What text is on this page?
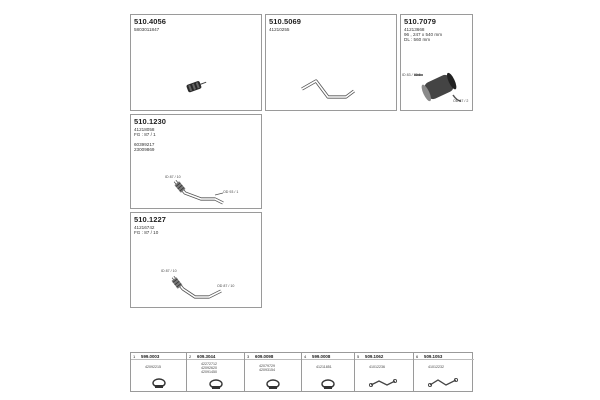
510.4056
5803011847
510.5069
41210255
510.7079
41213668
96 , 247 x 540 mm
DL : 560 mm
ID 83 / 72 5
OD 87 / 2
510.1230
41218058
FG : 87 / 1
60399217
23009869
ID 87 / 10
OD 93 / 1
510.1227
41216742
FG : 87 / 10
ID 87 / 10
OD 87 / 10
1 599.0003
42092215
2 609.3044
42272712
42092620
42091450
3 609.0098
42079729
42093154
4 599.0008
41211851
5 509.1062
41012236
6 509.1053
41012232
